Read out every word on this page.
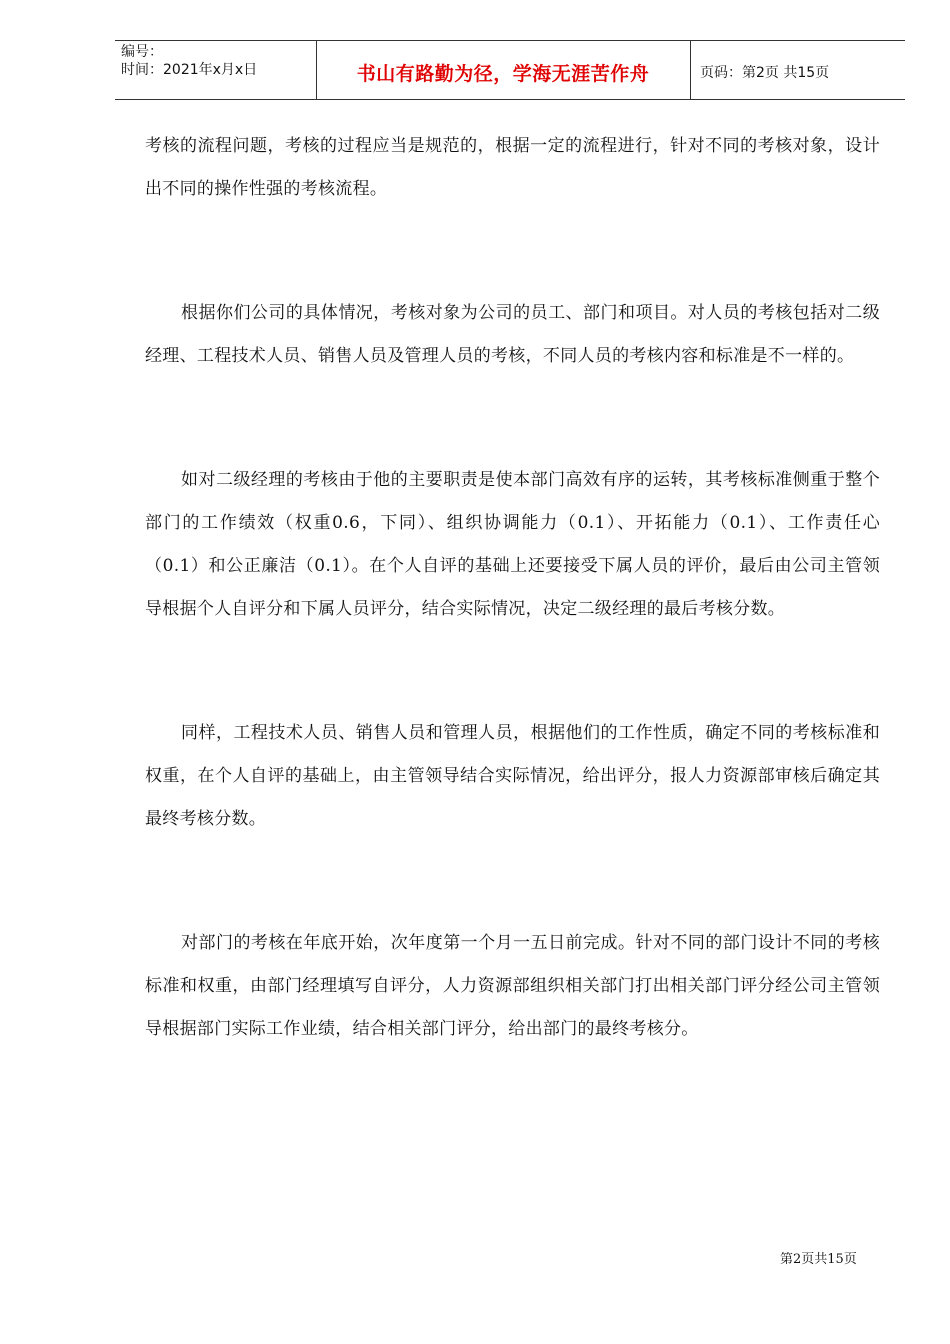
编号：
时间：2021年x月x日	书山有路勤为径，学海无涯苦作舟	页码：第2页 共15页

考核的流程问题，考核的过程应当是规范的，根据一定的流程进行，针对不同的考核对象，设计出不同的操作性强的考核流程。

根据你们公司的具体情况，考核对象为公司的员工、部门和项目。对人员的考核包括对二级经理、工程技术人员、销售人员及管理人员的考核，不同人员的考核内容和标准是不一样的。

如对二级经理的考核由于他的主要职责是使本部门高效有序的运转，其考核标准侧重于整个部门的工作绩效（权重0.6，下同）、组织协调能力（0.1）、开拓能力（0.1）、工作责任心（0.1）和公正廉洁（0.1）。在个人自评的基础上还要接受下属人员的评价，最后由公司主管领导根据个人自评分和下属人员评分，结合实际情况，决定二级经理的最后考核分数。

同样，工程技术人员、销售人员和管理人员，根据他们的工作性质，确定不同的考核标准和权重，在个人自评的基础上，由主管领导结合实际情况，给出评分，报人力资源部审核后确定其最终考核分数。

对部门的考核在年底开始，次年度第一个月一五日前完成。针对不同的部门设计不同的考核标准和权重，由部门经理填写自评分，人力资源部组织相关部门打出相关部门评分经公司主管领导根据部门实际工作业绩，结合相关部门评分，给出部门的最终考核分。

第2页共15页
